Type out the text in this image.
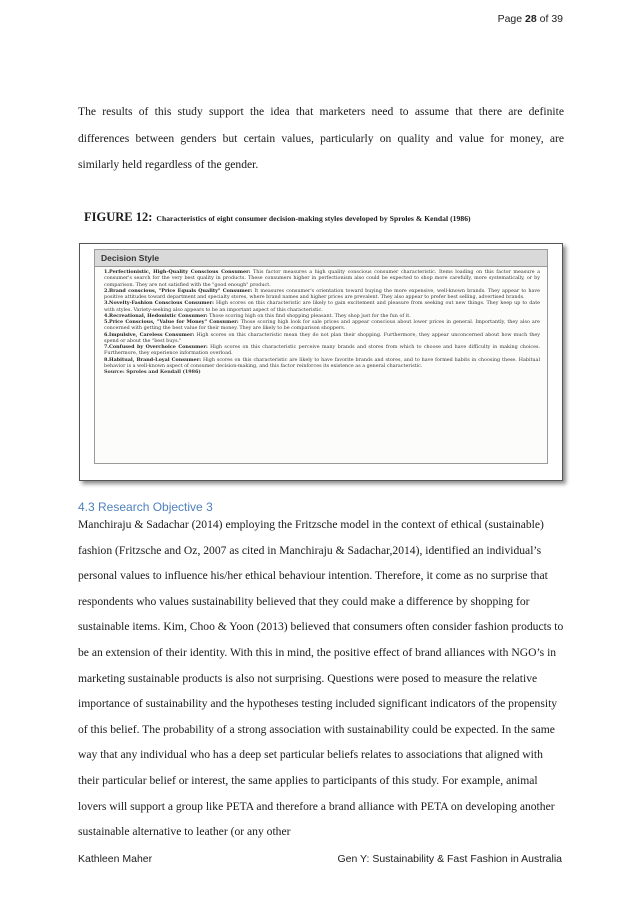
Page 28 of 39

The results of this study support the idea that marketers need to assume that there are definite differences between genders but certain values, particularly on quality and value for money, are similarly held regardless of the gender.

FIGURE 12: Characteristics of eight consumer decision-making styles developed by Sproles & Kendal (1986)
Decision Style

1.Perfectionistic, High-Quality Conscious Consumer: This factor measures a high quality conscious consumer characteristic. Items loading on this factor measure a consumer's search for the very best quality in products. These consumers higher in perfectionism also could be expected to shop more carefully, more systematically, or by comparison. They are not satisfied with the "good enough" product.

2.Brand conscious, "Price Equals Quality" Consumer: It measures consumer's orientation toward buying the more expensive, well-known brands. They appear to have positive attitudes toward department and specialty stores, where brand names and higher prices are prevalent. They also appear to prefer best selling, advertised brands.

3.Novelty-Fashion Conscious Consumer: High scores on this characteristic are likely to gain excitement and pleasure from seeking out new things. They keep up to date with styles. Variety-seeking also appears to be an important aspect of this characteristic.

4.Recreational, Hedonistic Consumer: Those scoring high on this find shopping pleasant. They shop just for the fun of it.

5.Price Conscious, "Value for Money" Consumer: Those scoring high look for sale prices and appear conscious about lower prices in general. Importantly, they also are concerned with getting the best value for their money. They are likely to be comparison shoppers.

6.Impulsive, Careless Consumer: High scores on this characteristic mean they do not plan their shopping. Furthermore, they appear unconcerned about how much they spend or about the "best buys."

7.Confused by Overchoice Consumer: High scores on this characteristic perceive many brands and stores from which to choose and have difficulty in making choices. Furthermore, they experience information overload.

8.Habitual, Brand-Loyal Consumer: High scores on this characteristic are likely to have favorite brands and stores, and to have formed habits in choosing these. Habitual behavior is a well-known aspect of consumer decision-making, and this factor reinforces its existence as a general characteristic.

Source: Sproles and Kendall (1986)

4.3 Research Objective 3

Manchiraju & Sadachar (2014) employing the Fritzsche model in the context of ethical (sustainable) fashion (Fritzsche and Oz, 2007 as cited in Manchiraju & Sadachar,2014), identified an individual’s personal values to influence his/her ethical behaviour intention. Therefore, it come as no surprise that respondents who values sustainability believed that they could make a difference by shopping for sustainable items. Kim, Choo & Yoon (2013) believed that consumers often consider fashion products to be an extension of their identity. With this in mind, the positive effect of brand alliances with NGO’s in marketing sustainable products is also not surprising. Questions were posed to measure the relative importance of sustainability and the hypotheses testing included significant indicators of the propensity of this belief. The probability of a strong association with sustainability could be expected. In the same way that any individual who has a deep set particular beliefs relates to associations that aligned with their particular belief or interest, the same applies to participants of this study. For example, animal lovers will support a group like PETA and therefore a brand alliance with PETA on developing another sustainable alternative to leather (or any other

Kathleen Maher	Gen Y: Sustainability & Fast Fashion in Australia
